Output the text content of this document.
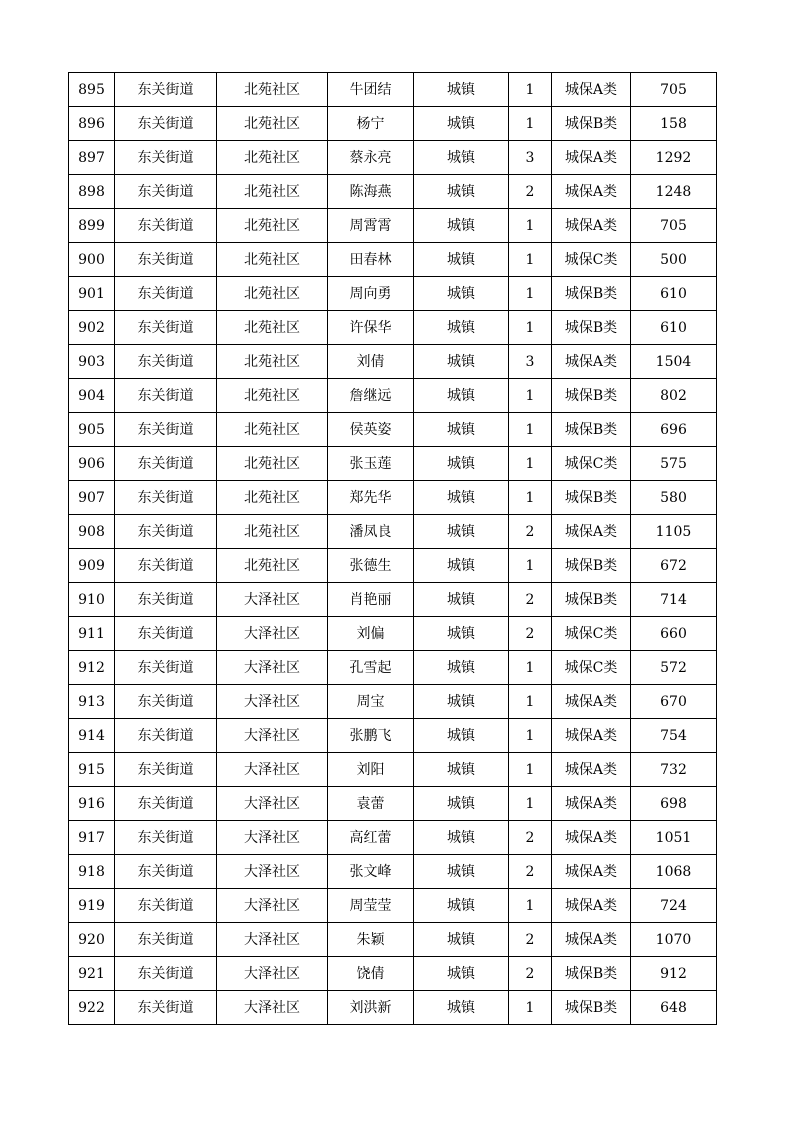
895	东关街道	北苑社区	牛团结	城镇	1	城保A类	705
896	东关街道	北苑社区	杨宁	城镇	1	城保B类	158
897	东关街道	北苑社区	蔡永亮	城镇	3	城保A类	1292
898	东关街道	北苑社区	陈海燕	城镇	2	城保A类	1248
899	东关街道	北苑社区	周霄霄	城镇	1	城保A类	705
900	东关街道	北苑社区	田春林	城镇	1	城保C类	500
901	东关街道	北苑社区	周向勇	城镇	1	城保B类	610
902	东关街道	北苑社区	许保华	城镇	1	城保B类	610
903	东关街道	北苑社区	刘倩	城镇	3	城保A类	1504
904	东关街道	北苑社区	詹继远	城镇	1	城保B类	802
905	东关街道	北苑社区	侯英姿	城镇	1	城保B类	696
906	东关街道	北苑社区	张玉莲	城镇	1	城保C类	575
907	东关街道	北苑社区	郑先华	城镇	1	城保B类	580
908	东关街道	北苑社区	潘凤良	城镇	2	城保A类	1105
909	东关街道	北苑社区	张德生	城镇	1	城保B类	672
910	东关街道	大泽社区	肖艳丽	城镇	2	城保B类	714
911	东关街道	大泽社区	刘偏	城镇	2	城保C类	660
912	东关街道	大泽社区	孔雪起	城镇	1	城保C类	572
913	东关街道	大泽社区	周宝	城镇	1	城保A类	670
914	东关街道	大泽社区	张鹏飞	城镇	1	城保A类	754
915	东关街道	大泽社区	刘阳	城镇	1	城保A类	732
916	东关街道	大泽社区	袁蕾	城镇	1	城保A类	698
917	东关街道	大泽社区	高红蕾	城镇	2	城保A类	1051
918	东关街道	大泽社区	张文峰	城镇	2	城保A类	1068
919	东关街道	大泽社区	周莹莹	城镇	1	城保A类	724
920	东关街道	大泽社区	朱颖	城镇	2	城保A类	1070
921	东关街道	大泽社区	饶倩	城镇	2	城保B类	912
922	东关街道	大泽社区	刘洪新	城镇	1	城保B类	648
